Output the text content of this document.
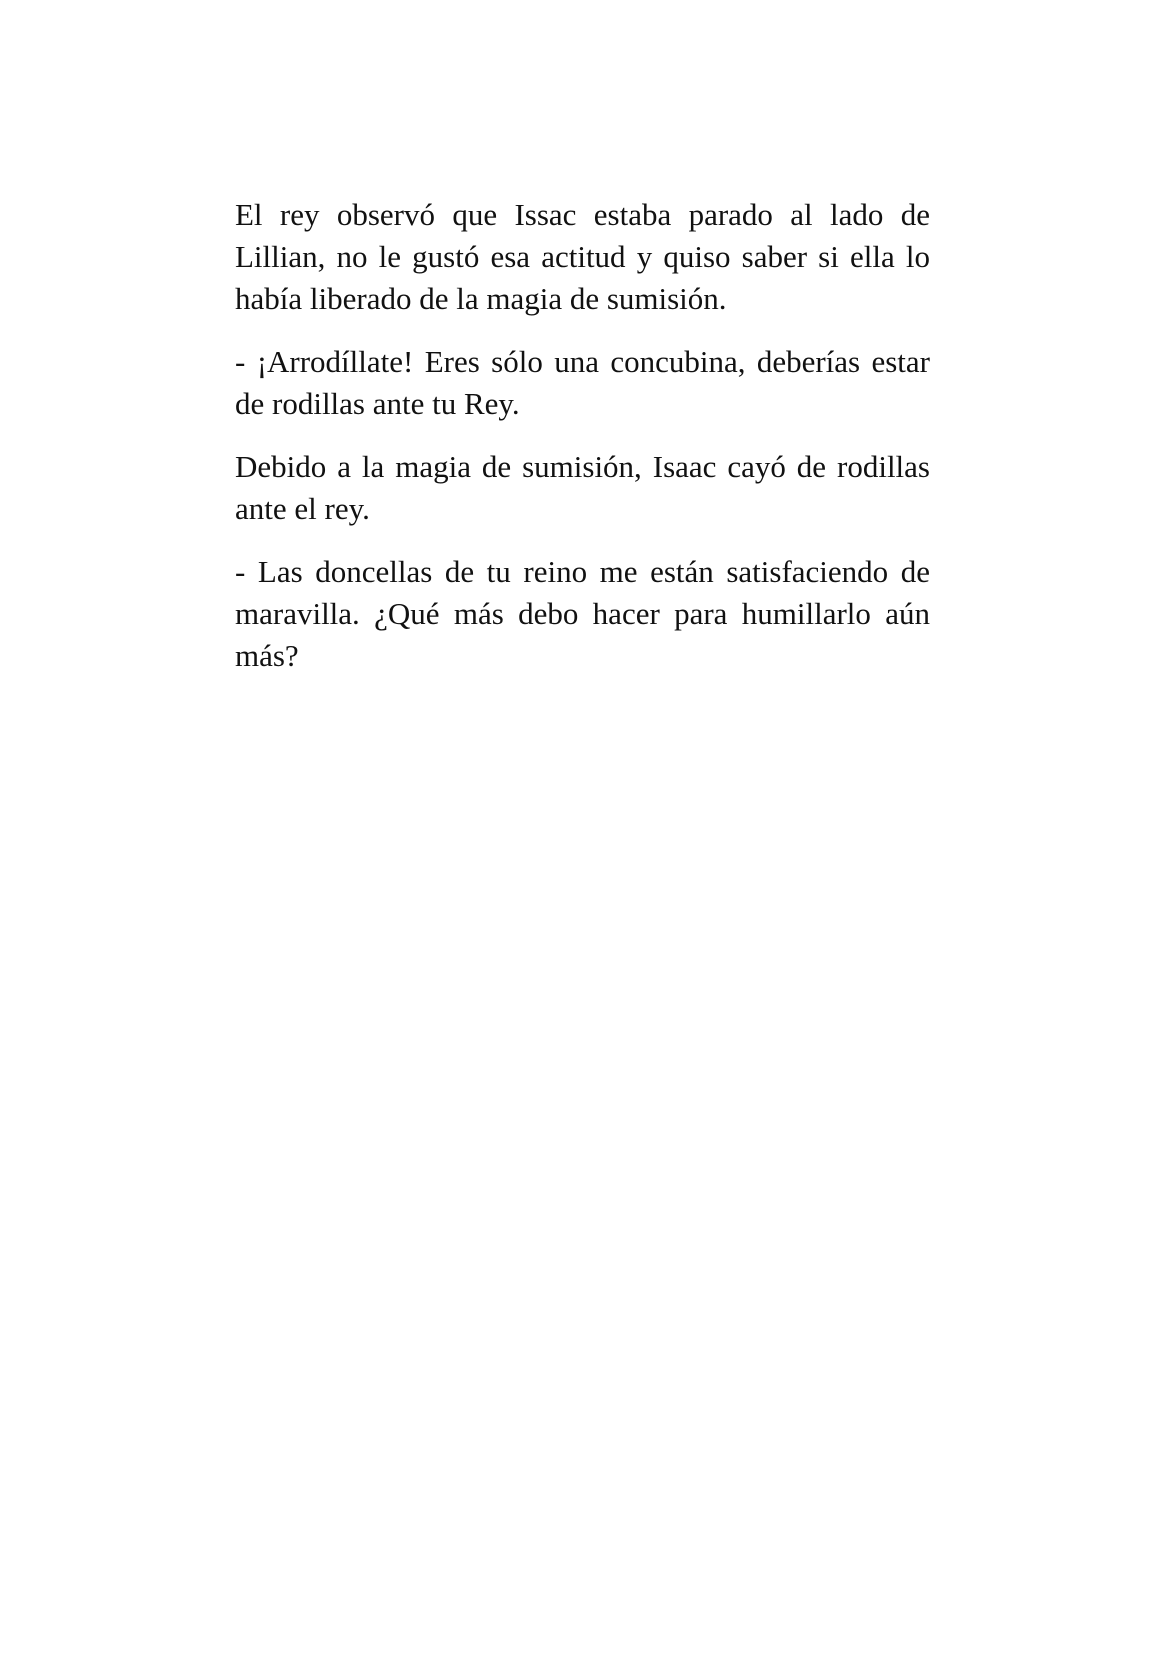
El rey observó que Issac estaba parado al lado de Lillian, no le gustó esa actitud y quiso saber si ella lo había liberado de la magia de sumisión.

- ¡Arrodíllate! Eres sólo una concubina, deberías estar de rodillas ante tu Rey.

Debido a la magia de sumisión, Isaac cayó de rodillas ante el rey.

- Las doncellas de tu reino me están satisfaciendo de maravilla. ¿Qué más debo hacer para humillarlo aún más?
